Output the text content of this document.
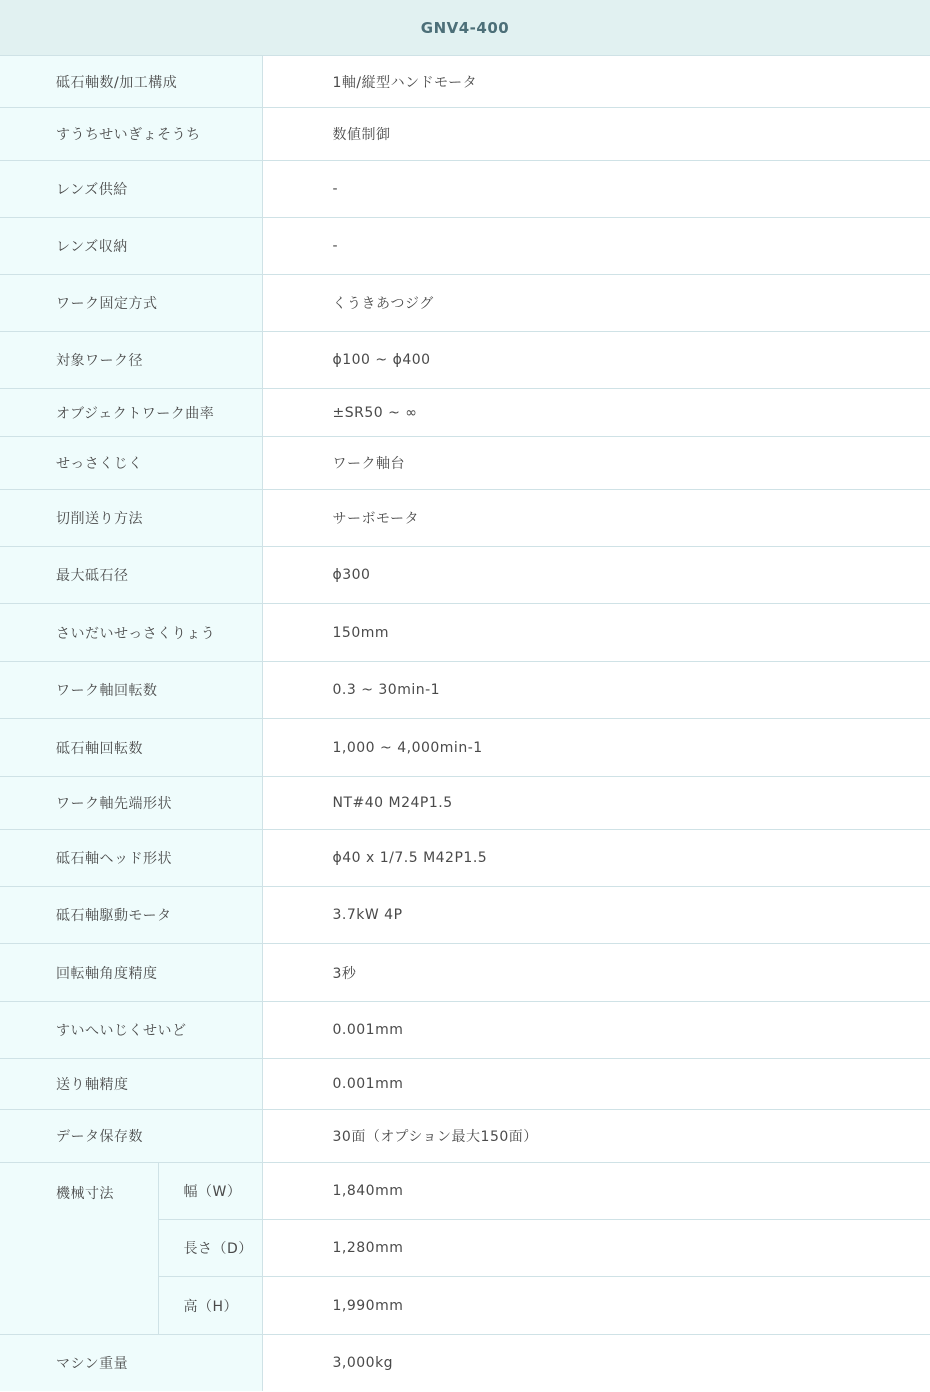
GNV4-400		
砥石軸数/加工構成		1軸/縦型ハンドモータ
すうちせいぎょそうち		数値制御
レンズ供給		-
レンズ収納		-
ワーク固定方式		くうきあつジグ
対象ワーク径		ϕ100 ~ ϕ400
オブジェクトワーク曲率		±SR50 ~ ∞
せっさくじく		ワーク軸台
切削送り方法		サーボモータ
最大砥石径		ϕ300
さいだいせっさくりょう		150mm
ワーク軸回転数		0.3 ~ 30min-1
砥石軸回転数		1,000 ~ 4,000min-1
ワーク軸先端形状		NT#40 M24P1.5
砥石軸ヘッド形状		ϕ40 x 1/7.5 M42P1.5
砥石軸駆動モータ		3.7kW 4P
回転軸角度精度		3秒
すいへいじくせいど		0.001mm
送り軸精度		0.001mm
データ保存数		30面（オプション最大150面）
機械寸法	幅（W）	1,840mm
	長さ（D）	1,280mm
	高（H）	1,990mm
マシン重量		3,000kg
